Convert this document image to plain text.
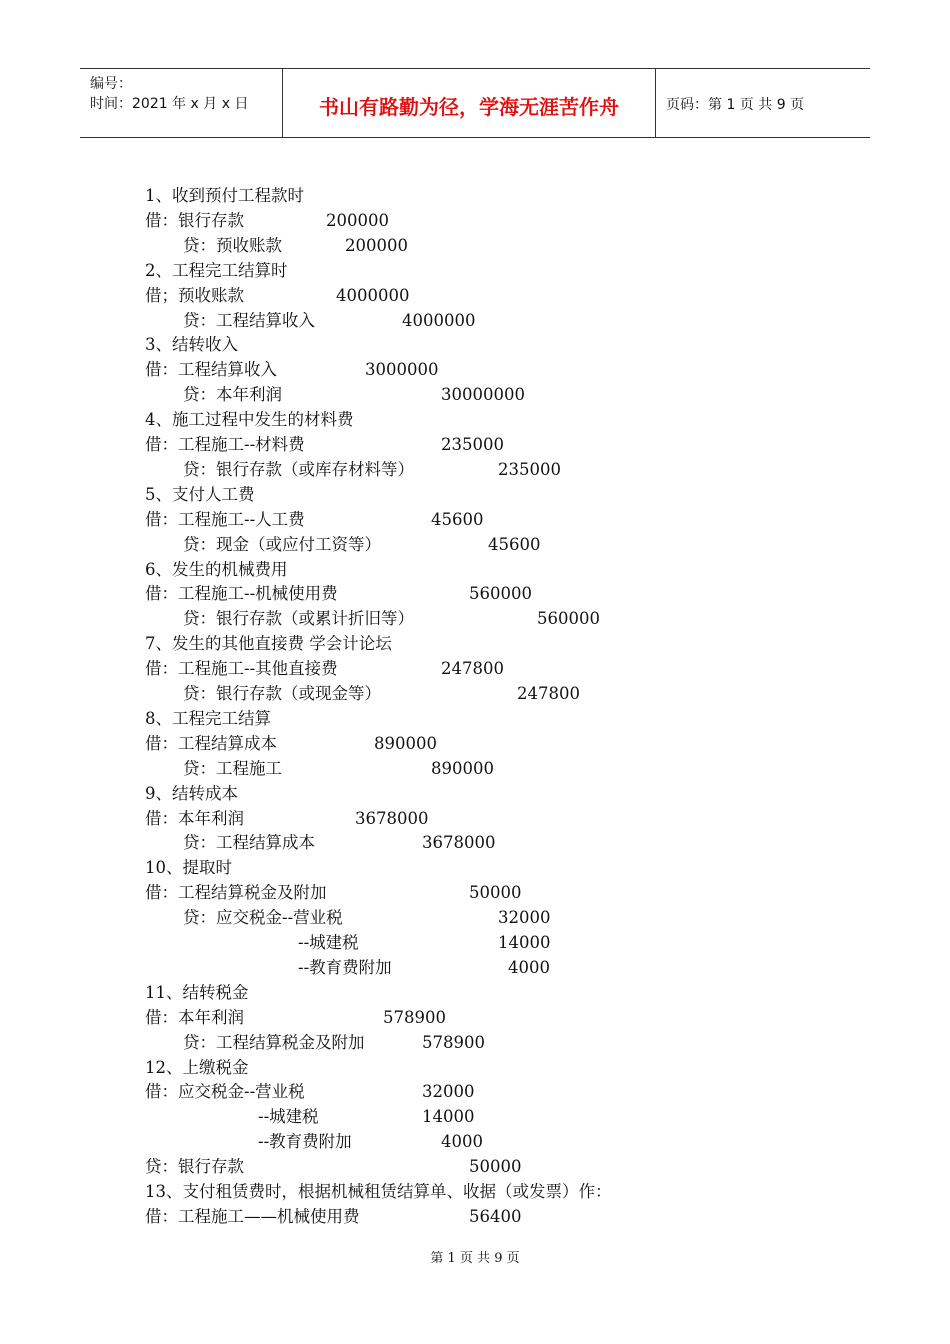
编号：
时间：2021 年 x 月 x 日	书山有路勤为径，学海无涯苦作舟	页码：第 1 页 共 9 页
1、收到预付工程款时
借：银行存款	200000
贷：预收账款	200000
2、工程完工结算时
借；预收账款	4000000
贷：工程结算收入	4000000
3、结转收入
借：工程结算收入	3000000
贷：本年利润	30000000
4、施工过程中发生的材料费
借：工程施工--材料费	235000
贷：银行存款（或库存材料等）	235000
5、支付人工费
借：工程施工--人工费	45600
贷：现金（或应付工资等）	45600
6、发生的机械费用
借：工程施工--机械使用费	560000
贷：银行存款（或累计折旧等）	560000
7、发生的其他直接费 学会计论坛
借：工程施工--其他直接费	247800
贷：银行存款（或现金等）	247800
8、工程完工结算
借：工程结算成本	890000
贷：工程施工	890000
9、结转成本
借：本年利润	3678000
贷：工程结算成本	3678000
10、提取时
借：工程结算税金及附加	50000
贷：应交税金--营业税	32000
--城建税	14000
--教育费附加	4000
11、结转税金
借：本年利润	578900
贷：工程结算税金及附加	578900
12、上缴税金
借：应交税金--营业税	32000
--城建税	14000
--教育费附加	4000
贷：银行存款	50000
13、支付租赁费时，根据机械租赁结算单、收据（或发票）作：
借：工程施工——机械使用费	56400
第 1 页 共 9 页
